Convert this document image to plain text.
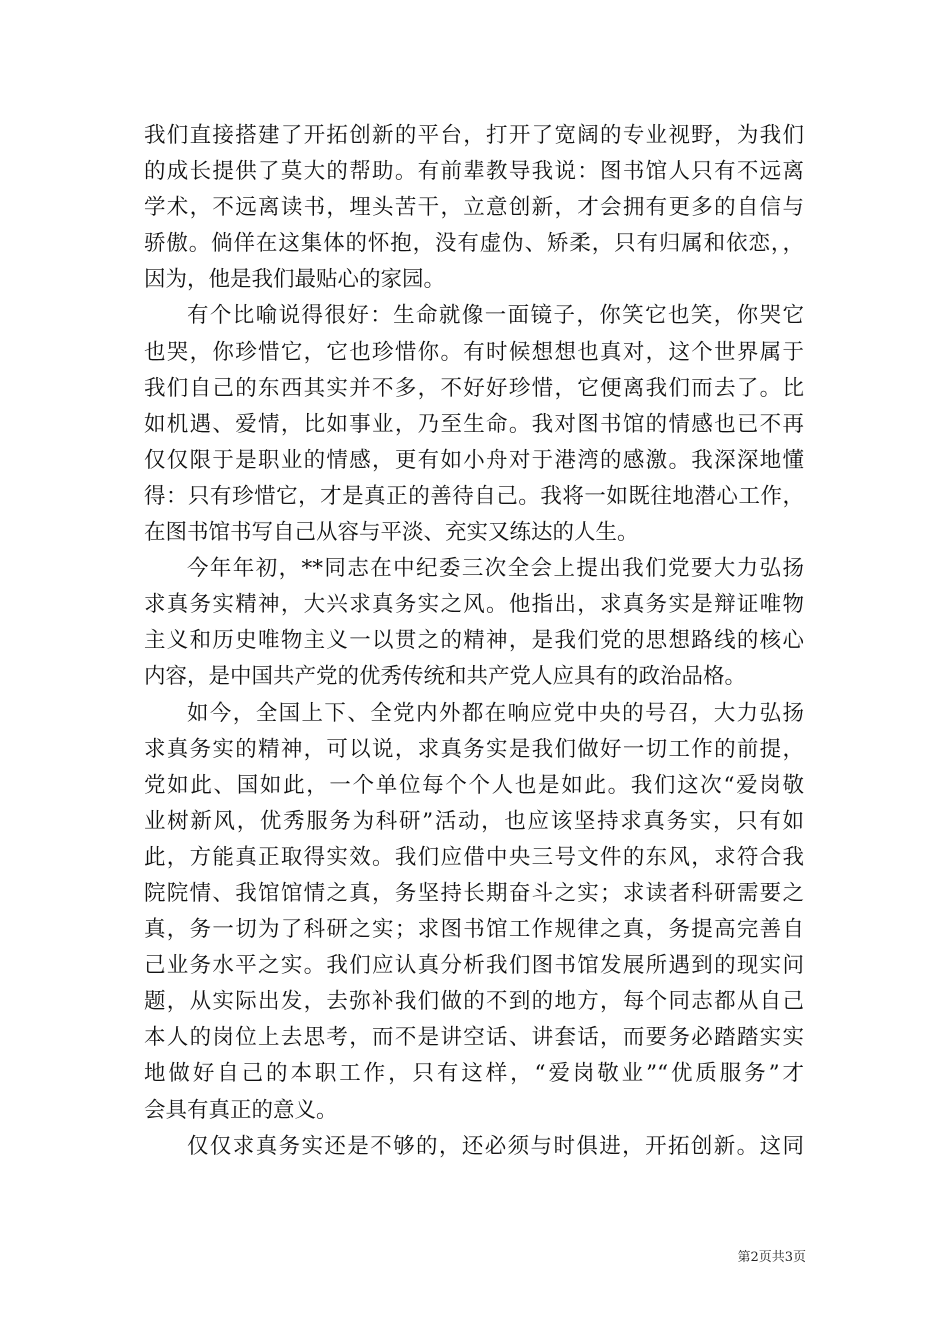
我们直接搭建了开拓创新的平台，打开了宽阔的专业视野，为我们
的成长提供了莫大的帮助。有前辈教导我说：图书馆人只有不远离
学术，不远离读书，埋头苦干，立意创新，才会拥有更多的自信与
骄傲。倘佯在这集体的怀抱，没有虚伪、矫柔，只有归属和依恋，，
因为，他是我们最贴心的家园。
有个比喻说得很好：生命就像一面镜子，你笑它也笑，你哭它
也哭，你珍惜它，它也珍惜你。有时候想想也真对，这个世界属于
我们自己的东西其实并不多，不好好珍惜，它便离我们而去了。比
如机遇、爱情，比如事业，乃至生命。我对图书馆的情感也已不再
仅仅限于是职业的情感，更有如小舟对于港湾的感激。我深深地懂
得：只有珍惜它，才是真正的善待自己。我将一如既往地潜心工作，
在图书馆书写自己从容与平淡、充实又练达的人生。
今年年初，**同志在中纪委三次全会上提出我们党要大力弘扬
求真务实精神，大兴求真务实之风。他指出，求真务实是辩证唯物
主义和历史唯物主义一以贯之的精神，是我们党的思想路线的核心
内容，是中国共产党的优秀传统和共产党人应具有的政治品格。
如今，全国上下、全党内外都在响应党中央的号召，大力弘扬
求真务实的精神，可以说，求真务实是我们做好一切工作的前提，
党如此、国如此，一个单位每个个人也是如此。我们这次“爱岗敬
业树新风，优秀服务为科研”活动，也应该坚持求真务实，只有如
此，方能真正取得实效。我们应借中央三号文件的东风，求符合我
院院情、我馆馆情之真，务坚持长期奋斗之实；求读者科研需要之
真，务一切为了科研之实；求图书馆工作规律之真，务提高完善自
己业务水平之实。我们应认真分析我们图书馆发展所遇到的现实问
题，从实际出发，去弥补我们做的不到的地方，每个同志都从自己
本人的岗位上去思考，而不是讲空话、讲套话，而要务必踏踏实实
地做好自己的本职工作，只有这样，“爱岗敬业”“优质服务”才
会具有真正的意义。
仅仅求真务实还是不够的，还必须与时俱进，开拓创新。这同
第2页共3页
